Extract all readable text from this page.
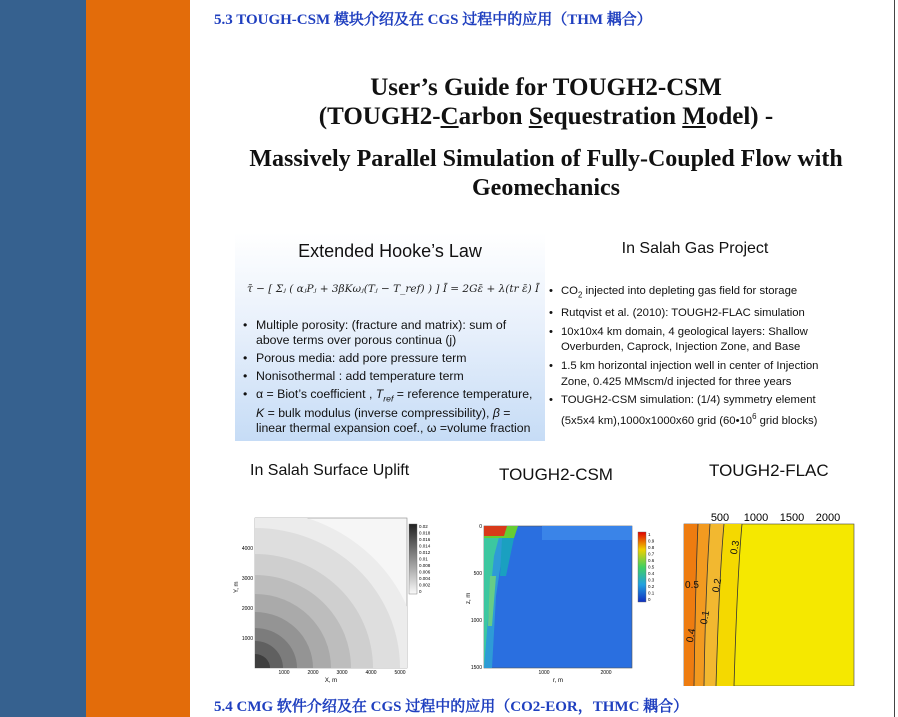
5.3 TOUGH-CSM 模块介绍及在 CGS 过程中的应用（THM 耦合）
User’s Guide for TOUGH2-CSM
(TOUGH2-Carbon Sequestration Model) -
Massively Parallel Simulation of Fully-Coupled Flow with
Geomechanics
Extended Hooke’s Law
τ̄ − [ Σⱼ ( αⱼPⱼ + 3βKωⱼ(Tⱼ − T_ref) ) ] Ī = 2Gε̄ + λ(tr ε̄) Ī
• Multiple porosity: (fracture and matrix): sum of above terms over porous continua (j)
• Porous media: add pore pressure term
• Nonisothermal : add temperature term
• α = Biot’s coefficient , $T_{ref}$ = reference temperature, K = bulk modulus (inverse compressibility), β = linear thermal expansion coef., ω =volume fraction
In Salah Gas Project
• $CO_2$ injected into depleting gas field for storage
• Rutqvist et al. (2010): TOUGH2-FLAC simulation
• 10x10x4 km domain, 4 geological layers: Shallow Overburden, Caprock, Injection Zone, and Base
• 1.5 km horizontal injection well in center of Injection Zone, 0.425 MMscm/d injected for three years
• TOUGH2-CSM simulation: (1/4) symmetry element (5x5x4 km),1000x1000x60 grid ($60•10^6$ grid blocks)
In Salah Surface Uplift	TOUGH2-CSM	TOUGH2-FLAC
Y, m
X, m
4000
3000
2000
1000
1000	2000	3000	4000	5000
0.02
0.018
0.016
0.014
0.012
0.01
0.008
0.006
0.004
0.002
0
z, m
r, m
0
500
1000
1500
1000	2000
1
0.9
0.8
0.7
0.6
0.5
0.4
0.3
0.2
0.1
0
500 1000 1500 2000
0.3
0.2
0.1
0.5
0.4
5.4 CMG 软件介绍及在 CGS 过程中的应用（CO2-EOR，THMC 耦合）
